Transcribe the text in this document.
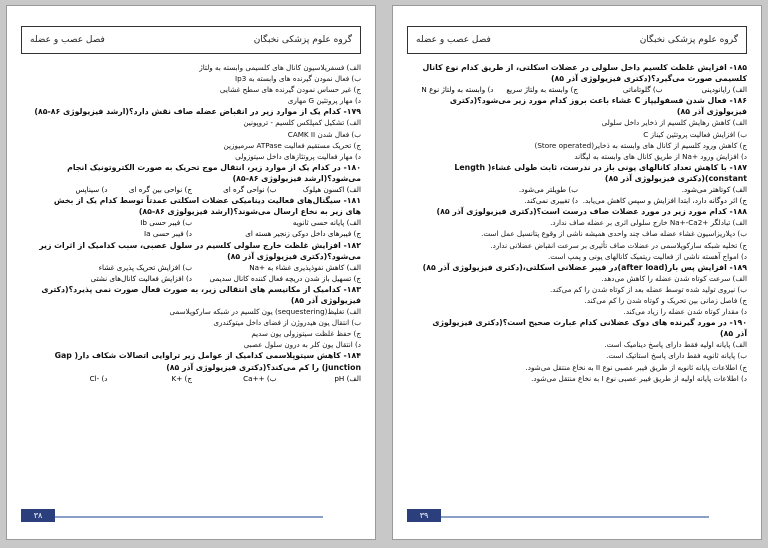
گروه علوم پزشکی نخبگان
فصل عصب و عضله
الف) فسفریلاسیون کانال های کلسیمی وابسته به ولتاژ
ب) فعال نمودن گیرنده های وابسته به Ip3
ج) غیر حساس نمودن گیرنده های سطح غشایی
د) مهار پروتئین G مهاری
۱۷۹- کدام یک از موارد زیر در انقباض عضله صاف نقش دارد؟(ارشد فیزیولوژی ۸۶-۸۵)
الف) تشکیل کمپلکس کلسیم - تروپونین
ب) فعال شدن CAMK II
ج) تحریک مستقیم فعالیت ATPase سرمیوزین
د) مهار فعالیت پروتئازهای داخل سیتوزولی
۱۸۰- در کدام یک از موارد زیر، انتقال موج تحریک به صورت الکتروتونیک انجام
می‌شود؟(ارشد فیزیولوژی ۸۶-۸۵)
الف) اکسون هیلوک
ب) نواحی گره ای
ج) نواحی بین گره ای
د) سیناپس
۱۸۱- سیگنال‌های فعالیت دینامیکی عضلات اسکلتی عمدتاً توسط کدام یک از بخش
های زیر به نخاع ارسال می‌شوند؟(ارشد فیزیولوژی ۸۶-۸۵)
الف) پایانه حسی ثانویه
ب) فیبر حسی Ib
ج) فیبرهای داخل دوکی زنجیر هسته ای
د) فیبر حسی Ia
۱۸۲- افزایش غلظت خارج سلولی کلسیم در سلول عصبی، سبب کدامیک از اثرات زیر
می‌شود؟(دکتری فیزیولوژی آذر ۸۵)
الف) کاهش نفوذپذیری غشاء به +Na
ب) افزایش تحریک پذیری غشاء
ج) تسهیل باز شدن دریچه فعال کننده کانال سدیمی
د) افزایش فعالیت کانال‌های نشتی
۱۸۳- کدامیک از مکانیسم های انتقالی زیر، به صورت فعال صورت نمی پذیرد؟(دکتری
فیزیولوژی آذر ۸۵)
الف) تغلیظ(sequestering) یون کلسیم در شبکه سارکوپلاسمی
ب) انتقال یون هیدروژن از فضای داخل میتوکندری
ج) حفظ غلظت سیتوزولی یون سدیم
د) انتقال یون کلر به درون سلول عصبی
۱۸۴- کاهش سیتوپلاسمی کدامیک از عوامل زیر تراوایی اتصالات شکاف دار( Gap
junction) را کم می‌کند؟(دکتری فیزیولوژی آذر ۸۵)
الف) pH
ب) ++Ca
ج) +K
د) -Cl
۳۸
گروه علوم پزشکی نخبگان
فصل عصب و عضله
۱۸۵- افزایش غلظت کلسیم داخل سلولی در عضلات اسکلتی، از طریق کدام نوع کانال
کلسیمی صورت می‌گیرد؟(دکتری فیزیولوژی آذر ۸۵)
الف) رایانودینی
ب) گلوتاماتی
ج) وابسته به ولتاژ سریع
د) وابسته به ولتاژ نوع N
۱۸۶- فعال شدن فسفولیپاز C غشاء باعث بروز کدام مورد زیر می‌شود؟(دکتری
فیزیولوژی آذر ۸۵)
الف) کاهش رهایش کلسیم از ذخایر داخل سلولی
ب) افزایش فعالیت پروتئین کیناز C
ج) کاهش ورود کلسیم از کانال های وابسته به ذخایر(Store operated)
د) افزایش ورود +Na از طریق کانال های وابسته به لیگاند
۱۸۷- با کاهش تعداد کانالهای یونی باز در ندرست، ثابت طولی غشاء( Length
constant)(دکتری فیزیولوژی آذر ۸۵)
الف) کوتاهتر می‌شود.
ب) طویلتر می‌شود.
ج) اثر دوگانه دارد، ابتدا افزایش و سپس کاهش می‌یابد.
د) تغییری نمی‌کند.
۱۸۸- کدام مورد زیر در مورد عضلات صاف درست است؟(دکتری فیزیولوژی آذر ۸۵)
الف) تبادلگر +Na+-Ca2 خارج سلولی اثری بر عضله صاف ندارد.
ب) دپلاریزاسیون غشاء عضله صاف چند واحدی همیشه ناشی از وقوع پتانسیل عمل است.
ج) تخلیه شبکه سارکوپلاسمی در عضلات صاف تأثیری بر سرعت انقباض عضلانی ندارد.
د) امواج آهسته ناشی از فعالیت ریتمیک کانالهای یونی و پمپ است.
۱۸۹- افزایش پس بار(after load)در فیبر عضلانی اسکلتی،(دکتری فیزیولوژی آذر ۸۵)
الف) سرعت کوتاه شدن عضله را کاهش می‌دهد.
ب) نیروی تولید شده توسط عضله بعد از کوتاه شدن را کم می‌کند.
ج) فاصل زمانی بین تحریک و کوتاه شدن را کم می‌کند.
د) مقدار کوتاه شدن عضله را زیاد می‌کند.
۱۹۰- در مورد گیرنده های دوک عضلانی کدام عبارت صحیح است؟(دکتری فیزیولوژی
آذر ۸۵)
الف) پایانه اولیه فقط دارای پاسخ دینامیک است.
ب) پایانه ثانویه فقط دارای پاسخ استاتیک است.
ج) اطلاعات پایانه ثانویه از طریق فیبر عصبی نوع II به نخاع منتقل می‌شود.
د) اطلاعات پایانه اولیه از طریق فیبر عصبی نوع I به نخاع منتقل می‌شود.
۳۹
